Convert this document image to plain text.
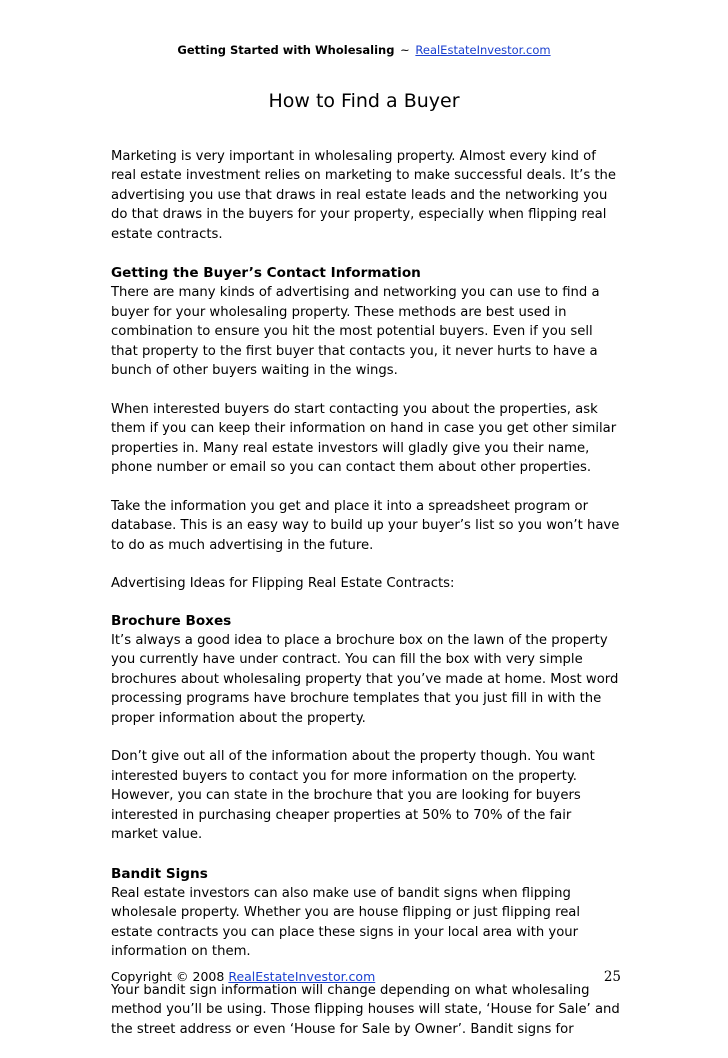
Getting Started with Wholesaling ~ RealEstateInvestor.com
How to Find a Buyer

Marketing is very important in wholesaling property. Almost every kind of real estate investment relies on marketing to make successful deals. It’s the advertising you use that draws in real estate leads and the networking you do that draws in the buyers for your property, especially when flipping real estate contracts.

Getting the Buyer’s Contact Information

There are many kinds of advertising and networking you can use to find a buyer for your wholesaling property. These methods are best used in combination to ensure you hit the most potential buyers. Even if you sell that property to the first buyer that contacts you, it never hurts to have a bunch of other buyers waiting in the wings.

When interested buyers do start contacting you about the properties, ask them if you can keep their information on hand in case you get other similar properties in. Many real estate investors will gladly give you their name, phone number or email so you can contact them about other properties.

Take the information you get and place it into a spreadsheet program or database. This is an easy way to build up your buyer’s list so you won’t have to do as much advertising in the future.

Advertising Ideas for Flipping Real Estate Contracts:

Brochure Boxes

It’s always a good idea to place a brochure box on the lawn of the property you currently have under contract. You can fill the box with very simple brochures about wholesaling property that you’ve made at home. Most word processing programs have brochure templates that you just fill in with the proper information about the property.

Don’t give out all of the information about the property though. You want interested buyers to contact you for more information on the property. However, you can state in the brochure that you are looking for buyers interested in purchasing cheaper properties at 50% to 70% of the fair market value.

Bandit Signs

Real estate investors can also make use of bandit signs when flipping wholesale property. Whether you are house flipping or just flipping real estate contracts you can place these signs in your local area with your information on them.

Your bandit sign information will change depending on what wholesaling method you’ll be using. Those flipping houses will state, ‘House for Sale’ and the street address or even ‘House for Sale by Owner’. Bandit signs for

Copyright © 2008 RealEstateInvestor.com	25
